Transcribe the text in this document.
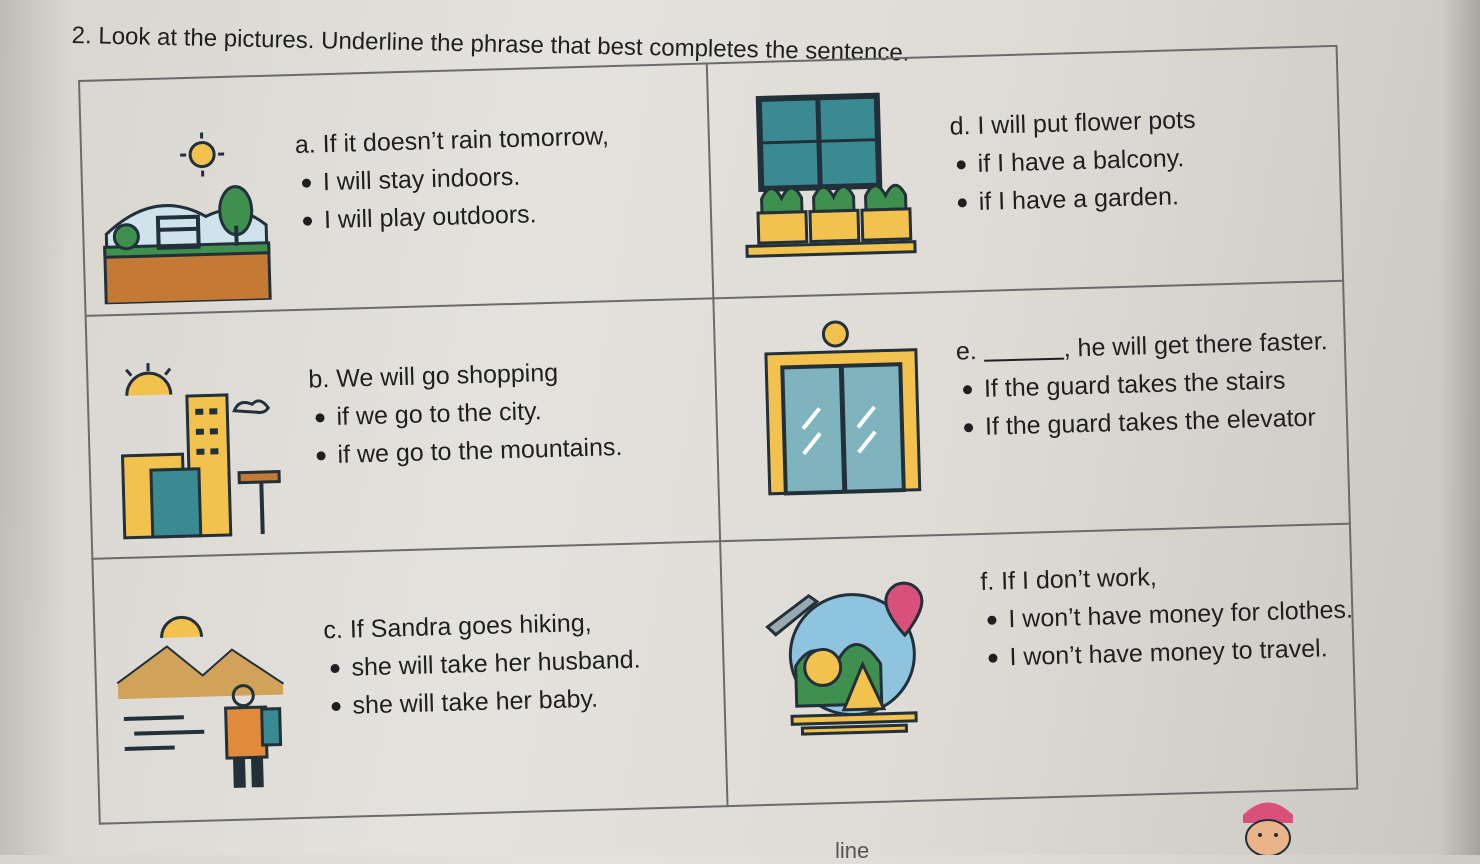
2. Look at the pictures. Underline the phrase that best completes the sentence.
a. If it doesn’t rain tomorrow,
I will stay indoors.
I will play outdoors.
b. We will go shopping
if we go to the city.
if we go to the mountains.
c. If Sandra goes hiking,
she will take her husband.
she will take her baby.
d. I will put flower pots
if I have a balcony.
if I have a garden.
e.	, he will get there faster.
If the guard takes the stairs
If the guard takes the elevator
f. If I don’t work,
I won’t have money for clothes.
I won’t have money to travel.
line
